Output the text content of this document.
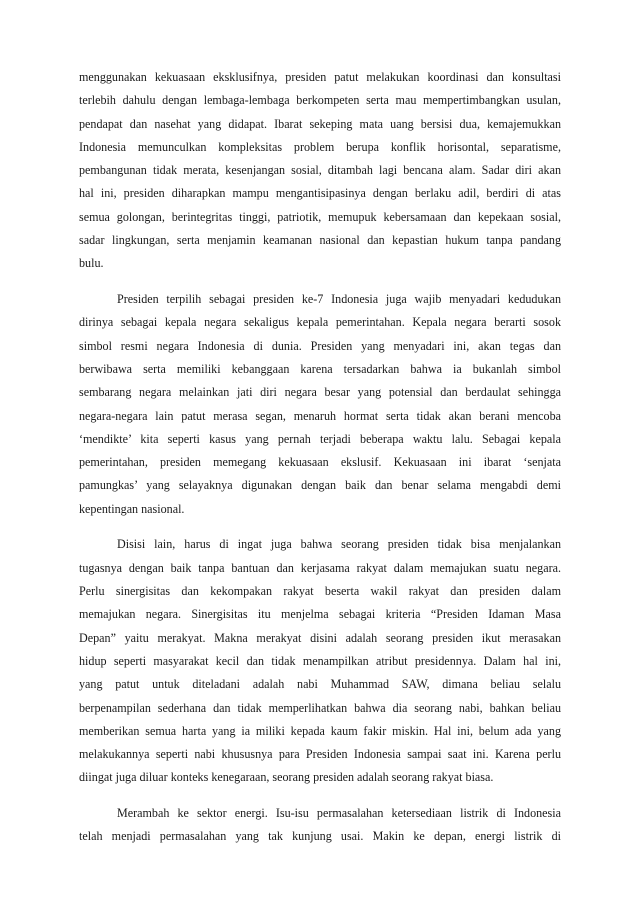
menggunakan kekuasaan eksklusifnya, presiden patut melakukan koordinasi dan konsultasi
terlebih dahulu dengan lembaga-lembaga berkompeten serta mau mempertimbangkan usulan,
pendapat dan nasehat yang didapat. Ibarat sekeping mata uang bersisi dua, kemajemukkan
Indonesia memunculkan kompleksitas problem berupa konflik horisontal, separatisme,
pembangunan tidak merata, kesenjangan sosial, ditambah lagi bencana alam. Sadar diri akan
hal ini, presiden diharapkan mampu mengantisipasinya dengan berlaku adil, berdiri di atas
semua golongan, berintegritas tinggi, patriotik, memupuk kebersamaan dan kepekaan sosial,
sadar lingkungan, serta menjamin keamanan nasional dan kepastian hukum tanpa pandang
bulu.
Presiden terpilih sebagai presiden ke-7 Indonesia juga wajib menyadari kedudukan
dirinya sebagai kepala negara sekaligus kepala pemerintahan. Kepala negara berarti sosok
simbol resmi negara Indonesia di dunia. Presiden yang menyadari ini, akan tegas dan
berwibawa serta memiliki kebanggaan karena tersadarkan bahwa ia bukanlah simbol
sembarang negara melainkan jati diri negara besar yang potensial dan berdaulat sehingga
negara-negara lain patut merasa segan, menaruh hormat serta tidak akan berani mencoba
‘mendikte’ kita seperti kasus yang pernah terjadi beberapa waktu lalu. Sebagai kepala
pemerintahan, presiden memegang kekuasaan ekslusif. Kekuasaan ini ibarat ‘senjata
pamungkas’ yang selayaknya digunakan dengan baik dan benar selama mengabdi demi
kepentingan nasional.
Disisi lain, harus di ingat juga bahwa seorang presiden tidak bisa menjalankan
tugasnya dengan baik tanpa bantuan dan kerjasama rakyat dalam memajukan suatu negara.
Perlu sinergisitas dan kekompakan rakyat beserta wakil rakyat dan presiden dalam
memajukan negara. Sinergisitas itu menjelma sebagai kriteria “Presiden Idaman Masa
Depan” yaitu merakyat. Makna merakyat disini adalah seorang presiden ikut merasakan
hidup seperti masyarakat kecil dan tidak menampilkan atribut presidennya. Dalam hal ini,
yang patut untuk diteladani adalah nabi Muhammad SAW, dimana beliau selalu
berpenampilan sederhana dan tidak memperlihatkan bahwa dia seorang nabi, bahkan beliau
memberikan semua harta yang ia miliki kepada kaum fakir miskin. Hal ini, belum ada yang
melakukannya seperti nabi khususnya para Presiden Indonesia sampai saat ini. Karena perlu
diingat juga diluar konteks kenegaraan, seorang presiden adalah seorang rakyat biasa.
Merambah ke sektor energi. Isu-isu permasalahan ketersediaan listrik di Indonesia
telah menjadi permasalahan yang tak kunjung usai. Makin ke depan, energi listrik di
